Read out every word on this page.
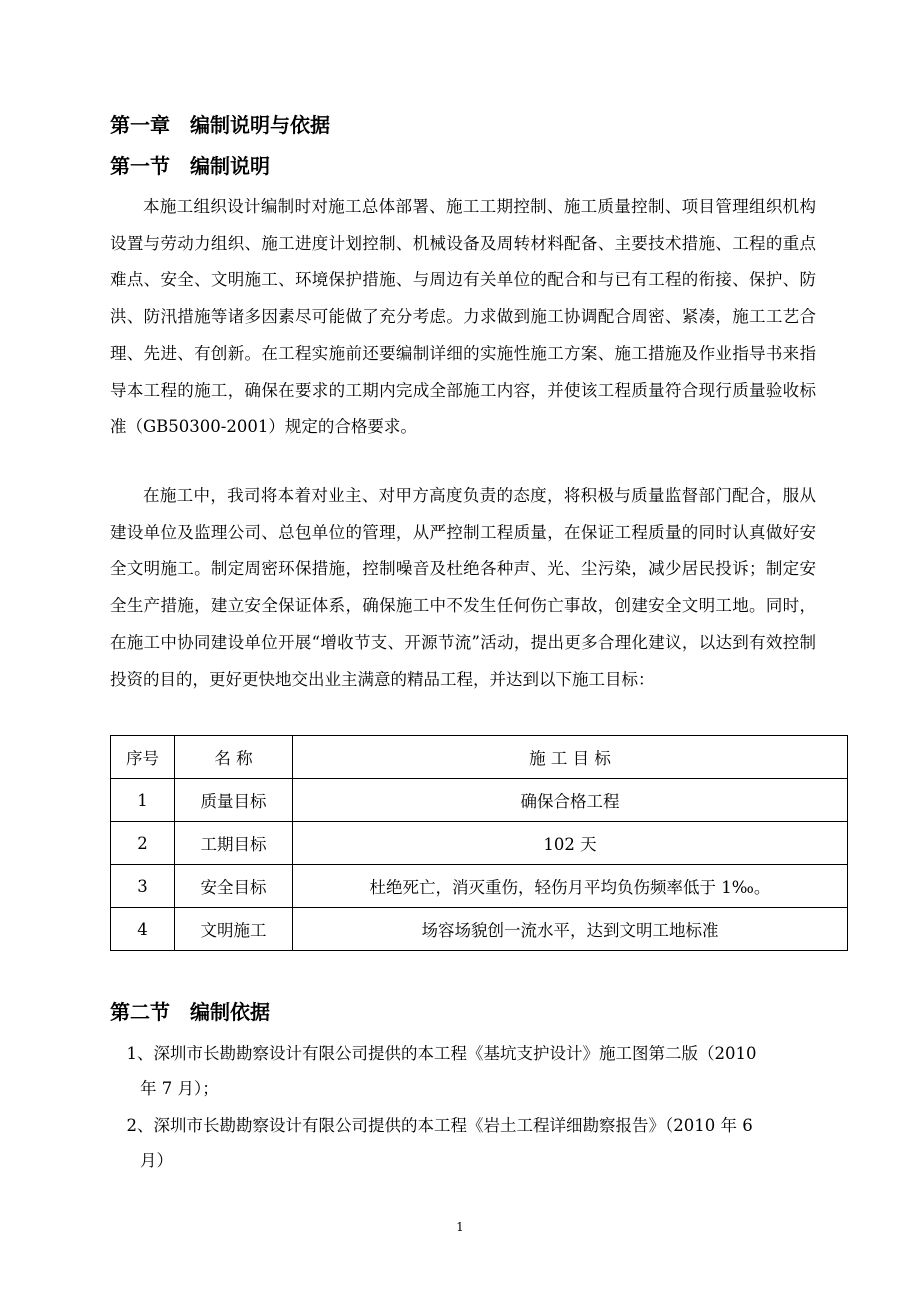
第一章　编制说明与依据
第一节　编制说明

本施工组织设计编制时对施工总体部署、施工工期控制、施工质量控制、项目管理组织机构设置与劳动力组织、施工进度计划控制、机械设备及周转材料配备、主要技术措施、工程的重点难点、安全、文明施工、环境保护措施、与周边有关单位的配合和与已有工程的衔接、保护、防洪、防汛措施等诸多因素尽可能做了充分考虑。力求做到施工协调配合周密、紧凑，施工工艺合理、先进、有创新。在工程实施前还要编制详细的实施性施工方案、施工措施及作业指导书来指导本工程的施工，确保在要求的工期内完成全部施工内容，并使该工程质量符合现行质量验收标准（GB50300-2001）规定的合格要求。

在施工中，我司将本着对业主、对甲方高度负责的态度，将积极与质量监督部门配合，服从建设单位及监理公司、总包单位的管理，从严控制工程质量，在保证工程质量的同时认真做好安全文明施工。制定周密环保措施，控制噪音及杜绝各种声、光、尘污染，减少居民投诉；制定安全生产措施，建立安全保证体系，确保施工中不发生任何伤亡事故，创建安全文明工地。同时，在施工中协同建设单位开展“增收节支、开源节流”活动，提出更多合理化建议，以达到有效控制投资的目的，更好更快地交出业主满意的精品工程，并达到以下施工目标：

序号	名 称	施 工 目 标
1	质量目标	确保合格工程
2	工期目标	102 天
3	安全目标	杜绝死亡，消灭重伤，轻伤月平均负伤频率低于 1‰。
4	文明施工	场容场貌创一流水平，达到文明工地标准
第二节　编制依据
1、深圳市长勘勘察设计有限公司提供的本工程《基坑支护设计》施工图第二版（2010
年 7 月）；
2、深圳市长勘勘察设计有限公司提供的本工程《岩土工程详细勘察报告》（2010 年 6
月）
1
